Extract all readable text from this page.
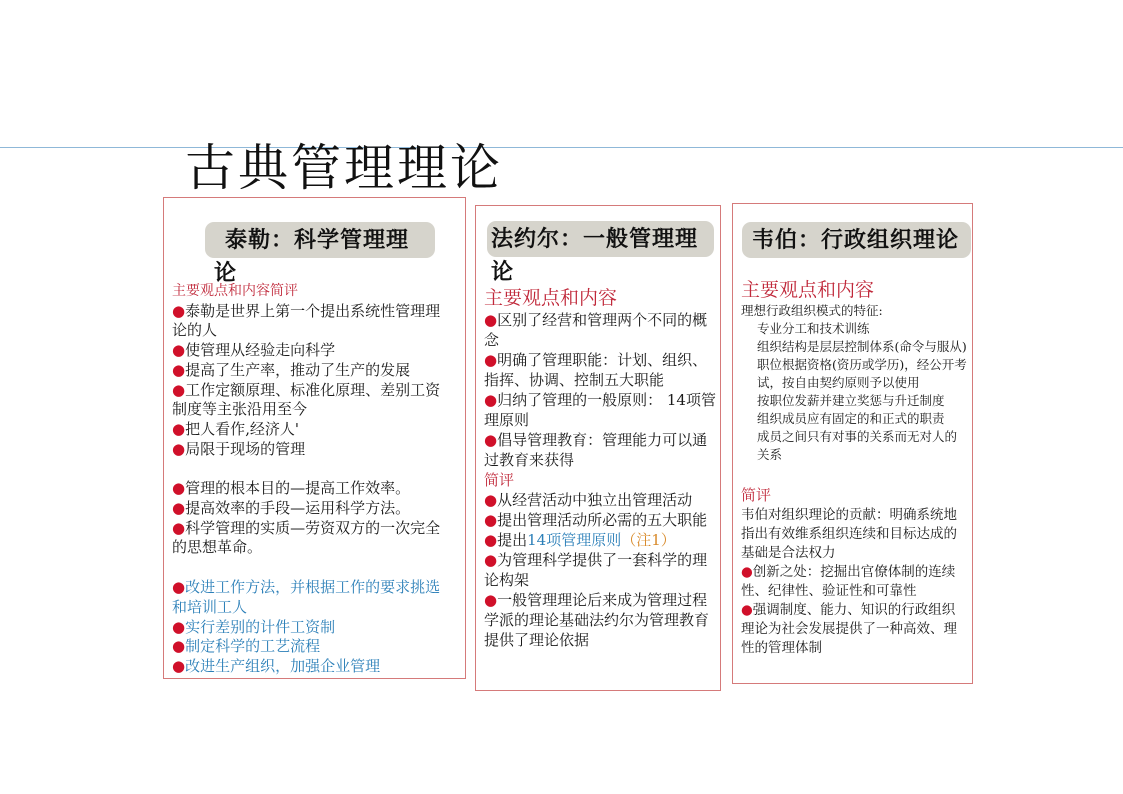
古典管理理论
泰勒：科学管理理
论
主要观点和内容简评
●泰勒是世界上第一个提出系统性管理理论的人
●使管理从经验走向科学
●提高了生产率，推动了生产的发展
●工作定额原理、标准化原理、差别工资制度等主张沿用至今
●把人看作‚经济人'
●局限于现场的管理
●管理的根本目的—提高工作效率。
●提高效率的手段—运用科学方法。
●科学管理的实质—劳资双方的一次完全的思想革命。
●改进工作方法，并根据工作的要求挑选和培训工人
●实行差别的计件工资制
●制定科学的工艺流程
●改进生产组织，加强企业管理
法约尔：一般管理理
论
主要观点和内容
●区别了经营和管理两个不同的概念
●明确了管理职能：计划、组织、指挥、协调、控制五大职能
●归纳了管理的一般原则： 14项管理原则
●倡导管理教育：管理能力可以通过教育来获得
简评
●从经营活动中独立出管理活动
●提出管理活动所必需的五大职能
●提出14项管理原则（注1）
●为管理科学提供了一套科学的理论构架
●一般管理理论后来成为管理过程学派的理论基础法约尔为管理教育提供了理论依据
韦伯：行政组织理论
主要观点和内容
理想行政组织模式的特征:
专业分工和技术训练
组织结构是层层控制体系(命令与服从)职位根据资格(资历或学历)，经公开考试，按自由契约原则予以使用
按职位发薪并建立奖惩与升迁制度
组织成员应有固定的和正式的职责
成员之间只有对事的关系而无对人的关系
简评
韦伯对组织理论的贡献：明确系统地指出有效维系组织连续和目标达成的基础是合法权力
●创新之处：挖掘出官僚体制的连续性、纪律性、验证性和可靠性
●强调制度、能力、知识的行政组织理论为社会发展提供了一种高效、理性的管理体制
